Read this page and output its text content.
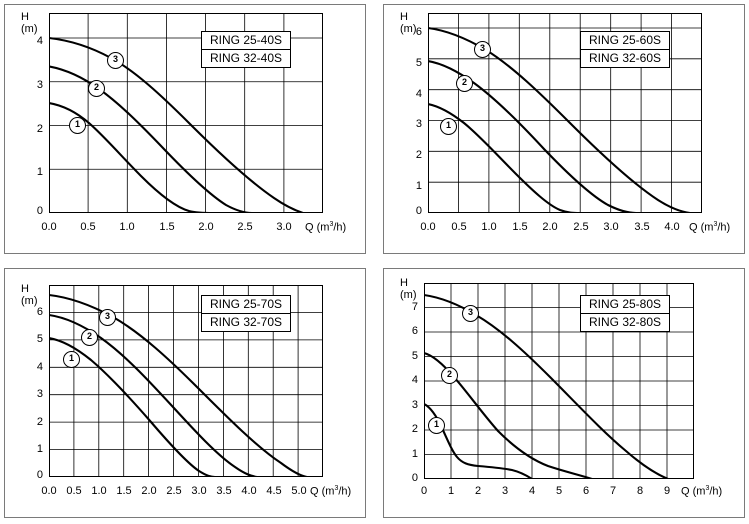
H
(m)
3
2
1
4
3
2
1
0
0.0	0.5	1.0	1.5	2.0	2.5	3.0	Q $(m^3/h)$
RING 25-40S
RING 32-40S
H
(m)
3
2
1
6
5
4
3
2
1
0
0.0	0.5	1.0	1.5	2.0	2.5	3.0	3.5	4.0 Q $(m^3/h)$
RING 25-60S
RING 32-60S
H
(m)
3
2
1
6
5
4
3
2
1
0
0.0 0.5 1.0 1.5 2.0 2.5 3.0 3.5 4.0 4.5 5.0 Q $(m^3/h)$
RING 25-70S
RING 32-70S
H
(m)
3
2
1
7
6
5
4
3
2
1
0
0	1	2	3	4	5	6	7	8	9 Q $(m^3/h)$
RING 25-80S
RING 32-80S
